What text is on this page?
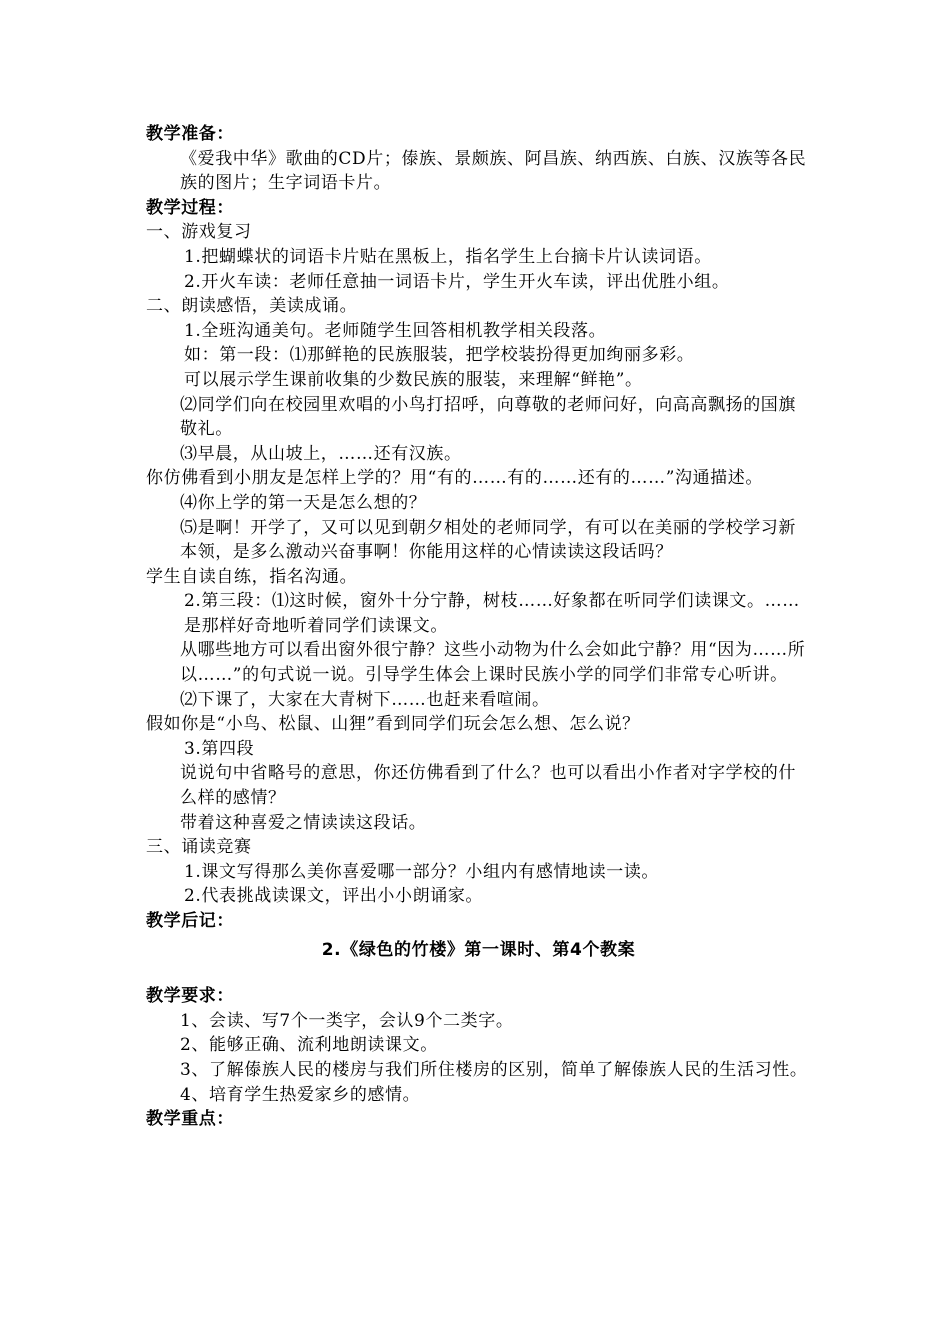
教学准备：
《爱我中华》歌曲的CD片；傣族、景颇族、阿昌族、纳西族、白族、汉族等各民族的图片；生字词语卡片。
教学过程：
一、游戏复习
1.把蝴蝶状的词语卡片贴在黑板上，指名学生上台摘卡片认读词语。
2.开火车读：老师任意抽一词语卡片，学生开火车读，评出优胜小组。
二、朗读感悟，美读成诵。
1.全班沟通美句。老师随学生回答相机教学相关段落。
如：第一段：⑴那鲜艳的民族服装，把学校装扮得更加绚丽多彩。
可以展示学生课前收集的少数民族的服装，来理解“鲜艳”。
⑵同学们向在校园里欢唱的小鸟打招呼，向尊敬的老师问好，向高高飘扬的国旗敬礼。
⑶早晨，从山坡上，……还有汉族。
你仿佛看到小朋友是怎样上学的？用“有的……有的……还有的……”沟通描述。
⑷你上学的第一天是怎么想的？
⑸是啊！开学了，又可以见到朝夕相处的老师同学，有可以在美丽的学校学习新本领，是多么激动兴奋事啊！你能用这样的心情读读这段话吗？
学生自读自练，指名沟通。
2.第三段：⑴这时候，窗外十分宁静，树枝……好象都在听同学们读课文。……是那样好奇地听着同学们读课文。
从哪些地方可以看出窗外很宁静？这些小动物为什么会如此宁静？用“因为……所以……”的句式说一说。引导学生体会上课时民族小学的同学们非常专心听讲。
⑵下课了，大家在大青树下……也赶来看喧闹。
假如你是“小鸟、松鼠、山狸”看到同学们玩会怎么想、怎么说？
3.第四段
说说句中省略号的意思，你还仿佛看到了什么？也可以看出小作者对字学校的什么样的感情？
带着这种喜爱之情读读这段话。
三、诵读竞赛
1.课文写得那么美你喜爱哪一部分？小组内有感情地读一读。
2.代表挑战读课文，评出小小朗诵家。
教学后记：
2.《绿色的竹楼》第一课时、第4个教案
教学要求：
1、会读、写7个一类字，会认9个二类字。
2、能够正确、流利地朗读课文。
3、了解傣族人民的楼房与我们所住楼房的区别，简单了解傣族人民的生活习性。
4、培育学生热爱家乡的感情。
教学重点：
